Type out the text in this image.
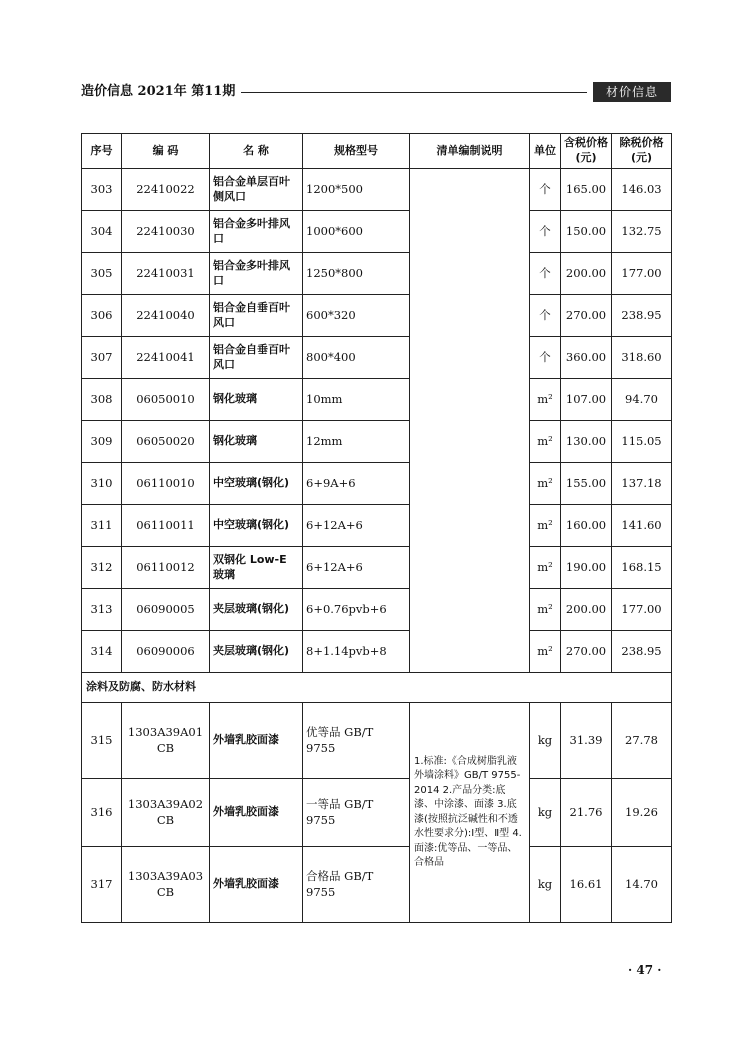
造价信息 2021年 第11期	材价信息
序号	编 码	名 称	规格型号	清单编制说明	单位	含税价格(元)	除税价格(元)
303	22410022	铝合金单层百叶侧风口	1200*500		个	165.00	146.03
304	22410030	铝合金多叶排风口	1000*600		个	150.00	132.75
305	22410031	铝合金多叶排风口	1250*800		个	200.00	177.00
306	22410040	铝合金自垂百叶风口	600*320		个	270.00	238.95
307	22410041	铝合金自垂百叶风口	800*400		个	360.00	318.60
308	06050010	钢化玻璃	10mm		m²	107.00	94.70
309	06050020	钢化玻璃	12mm		m²	130.00	115.05
310	06110010	中空玻璃(钢化)	6+9A+6		m²	155.00	137.18
311	06110011	中空玻璃(钢化)	6+12A+6		m²	160.00	141.60
312	06110012	双钢化 Low-E 玻璃	6+12A+6		m²	190.00	168.15
313	06090005	夹层玻璃(钢化)	6+0.76pvb+6		m²	200.00	177.00
314	06090006	夹层玻璃(钢化)	8+1.14pvb+8		m²	270.00	238.95
涂料及防腐、防水材料							
315	1303A39A01 CB	外墙乳胶面漆	优等品 GB/T 9755	1.标准:《合成树脂乳液外墙涂料》GB/T 9755-2014 2.产品分类:底漆、中涂漆、面漆 3.底漆(按照抗泛碱性和不透水性要求分):Ⅰ型、Ⅱ型 4.面漆:优等品、一等品、合格品	kg	31.39	27.78
316	1303A39A02 CB	外墙乳胶面漆	一等品 GB/T 9755		kg	21.76	19.26
317	1303A39A03 CB	外墙乳胶面漆	合格品 GB/T 9755		kg	16.61	14.70
· 47 ·
